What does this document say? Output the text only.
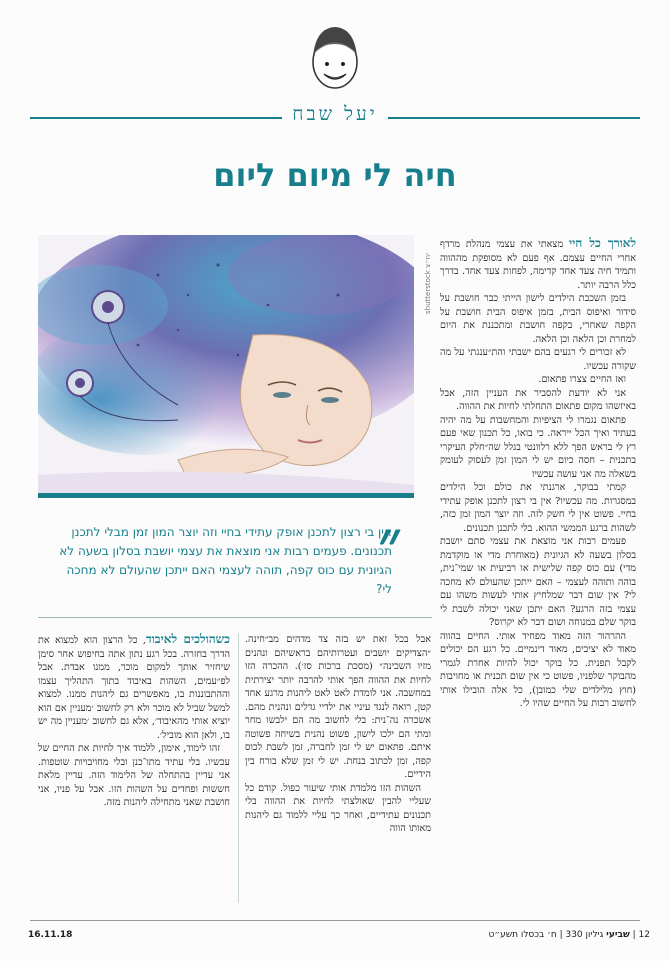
יעל שבח
חיה לי מיום ליום
shutterstock יח״צ

לאורך כל חיי מצאתי את עצמי מנהלת מרדף אחרי החיים עצמם. אף פעם לא מסופקת מההווה ותמיד חיה צעד אחד קדימה, לפחות צעד אחד. בדרך כלל הרבה יותר.

בזמן השכבת הילדים לישון הייתי כבר חושבת על סידור ואיפוס הבית, בזמן איפוס הבית חושבת על הקפה שאחרי, בקפה חושבת ומתכננת את היום למחרת וכן הלאה וכן הלאה.

לא זכורים לי רגעים בהם ישבתי והת״ענגתי על מה שקורה עכשיו.

ואז החיים צצרו פתאום.

אני לא יודעת להסביר את העניין הזה, אבל באיזשהו מקום פתאום התחלתי לחיות את ההווה.

פתאום נגמרו לי הציפיות והמחשבות על מה יהיה בעתיד ואיך הכל ייראה. כי בואו, כל תכנון שאי פעם רץ לי בראש הפך ללא רלוונטי בגלל שה״חלק העיקרי בתכנית – חסה כיום יש לי המון זמן לעסוק לעומק בשאלה מה אני עושה עכשיו

קמתי בבוקר, ארגנתי את כולם וכל הילדים במסגרות. מה עכשיו? אין בי רצון לתכנן אופק עתידי בחיי. פשוט אין לי חשק לזה. וזה יוצר המון זמן כזה, לשהות ברגע הממשי ההוא. בלי לתכנן תכנונים.

פעמים רבות אני מוצאת את עצמי סתם יושבת בסלון בשעה לא הגיונית (מאוחרת מדי או מוקדמת מדי) עם כוס קפה שלישית או רביעית או שמי־נית, בוהה ותוהה לעצמי – האם ייתכן שהעולם לא מחכה לי? אין שום דבר שמלחיץ אותי לעשות משהו עם עצמי בזה הרגע? האם יתכן שאני יכולה לשבת לי בוקר שלם במנוחה ושום דבר לא יקרוס?

ההרהור הזה מאוד מפחיד אותי. החיים בהווה מאוד לא יציבים, מאוד דינמיים. כל רגע הם יכולים לקבל תפנית. כל בוקר יכול להיות אחרת לגמרי מהבוקר שלפניו, פשוט כי אין שום תכנית או מחויבות (חוץ מלילדים שלי כמובן), כל אלה הובילו אותי לחשוב רבות על החיים שהיו לי.

״
אין בי רצון לתכנן אופק עתידי בחיי וזה יוצר המון זמן מבלי לתכנן תכנונים. פעמים רבות אני מוצאת את עצמי יושבת בסלון בשעה לא הגיונית עם כוס קפה, תוהה לעצמי האם ייתכן שהעולם לא מחכה לי?

אבל בכל זאת יש בזה צד מדהים מב״חינה. ״הצדיקים יושבים ועטרותיהם בראשיהם ונהנים מזיו השכינה״ (מסכת ברכות סז׳). ההכרה הזו לחיות את ההווה הפך אותי להרבה יותר יצירתית במחשבה. אני לומדת לאט לאט ליהנות מרגע אחד קטן, רואה לנגד עיניי את ילדיי גדלים ונהנית מהם. אשכרה נה־נית: בלי לחשוב מה הם ילבשו מחר ומתי הם ילכו לישון, פשוט נהנית בשיחה פשוטה איתם. פתאום יש לי זמן לחברה, זמן לשבת לכוס קפה, זמן לכתוב בנחת. יש לי זמן שלא בורח בין הידיים.

השהות הזו מלמדת אותי שיעור כפול. קודם כל שעליי להבין שאולצתי לחיות את ההווה בלי תכנונים עתידיים, ואחר כך עליי ללמוד גם ליהנות מאותו הווה

כשהולכים לאיבוד, כל הרצון הוא למצוא את הדרך בחזרה. בכל רגע נתון אתה בחיפוש אחר סימן שיחזיר אותך למקום מוכר, ממנו אבדת. אבל לפ״עמים, השהות באיבוד בתוך התהליך עצמו וההתבוננות בו, מאפשרים גם ליהנות ממנו. למצוא למשל שביל לא מוכר ולא רק לחשוב ׳מעניין אם הוא יוציא אותי מהאיבוד׳, אלא גם לחשוב ׳מעניין מה יש בו, ולאן הוא מוביל׳.

זהו לימוד, אימון, ללמוד איך לחיות את החיים של עכשיו. בלי עתיד מתו־כנן ובלי מחויבויות שוטפות. אני עדיין בהתחלה של הלימוד הזה. עדיין מלאת חששות ופחדים על השהות הזו. אבל על פניו, אני חושבת שאני מתחילה ליהנות מזה.

12 | שביעי גיליון 330 | ח׳ בכסלו תשע״ט
16.11.18
